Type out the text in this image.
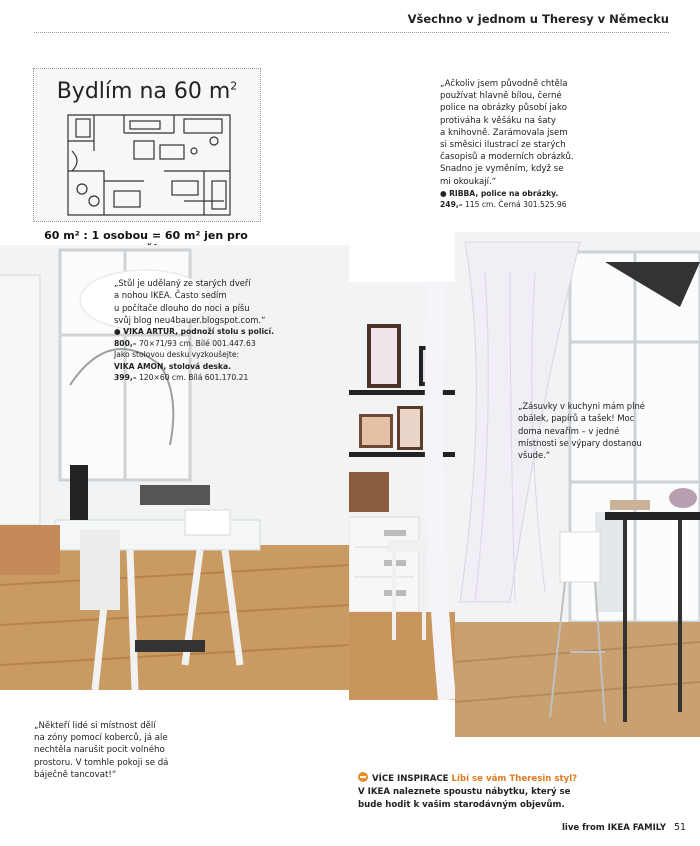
Všechno v jednom u Theresy v Německu
Bydlím na 60 $m^2$
60 m² : 1 osobou = 60 m² jen pro
„Ačkoliv jsem původně chtěla
používat hlavně bílou, černé
police na obrázky působí jako
protiváha k věšáku na šaty
a knihovně. Zarámovala jsem
si směsici ilustrací ze starých
časopisů a moderních obrázků.
Snadno je vyměním, když se
mi okoukají.“
● RIBBA, police na obrázky.
249,– 115 cm. Černá 301.525.96
„Stůl je udělaný ze starých dveří
a nohou IKEA. Často sedím
u počítače dlouho do noci a píšu
svůj blog neu4bauer.blogspot.com.“
● VIKA ARTUR, podnoží stolu s policí.
800,– 70×71/93 cm. Bílé 001.447.63
Jako stolovou desku vyzkoušejte:
VIKA AMON, stolová deska.
399,– 120×60 cm. Bílá 601.170.21
„Zásuvky v kuchyni mám plné
obálek, papírů a tašek! Moc
doma nevařím – v jedné
místnosti se výpary dostanou
všude.“
„Někteří lidé si místnost dělí
na zóny pomocí koberců, já ale
nechtěla narušit pocit volného
prostoru. V tomhle pokoji se dá
báječně tancovat!“	VÍCE INSPIRACE Líbí se vám Theresin styl?
V IKEA naleznete spoustu nábytku, který se
bude hodit k vašim starodávným objevům.
live from IKEA FAMILY 51
